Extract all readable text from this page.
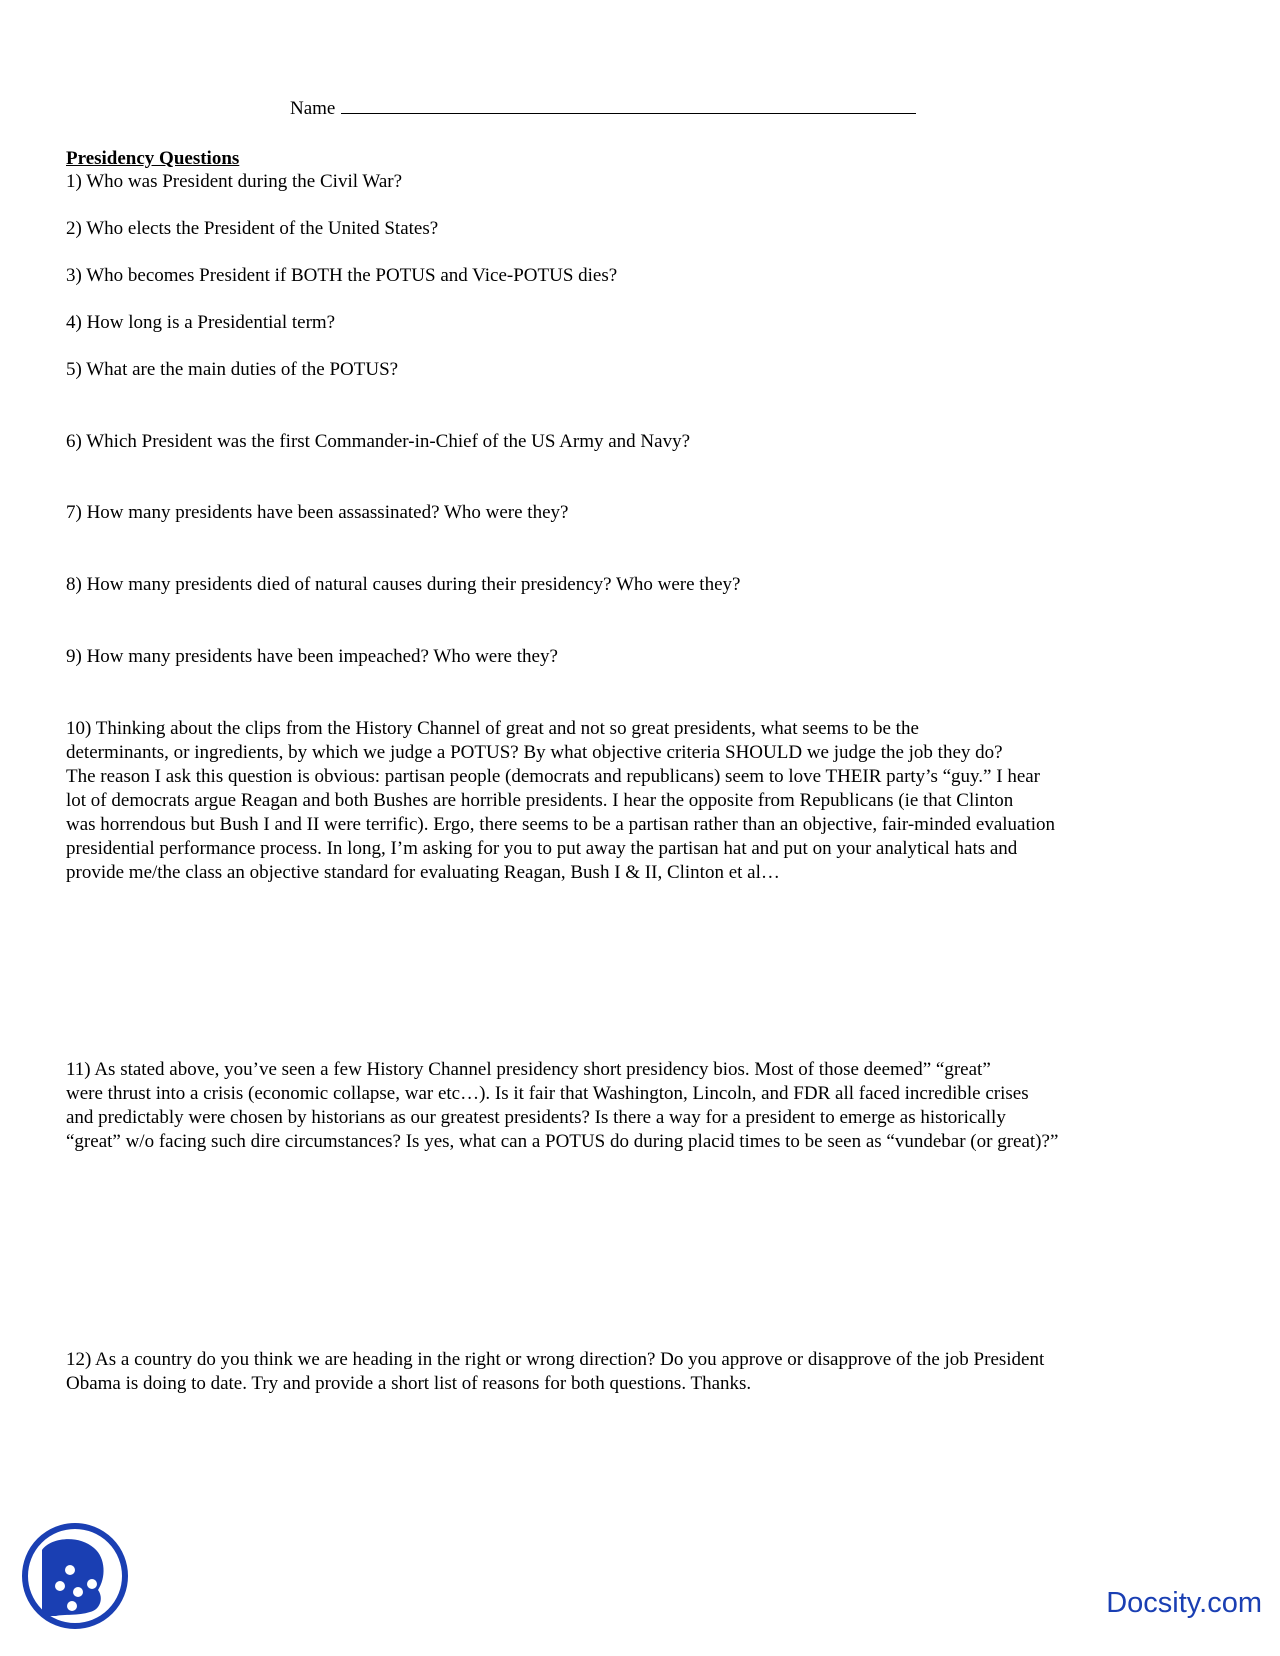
Name
Presidency Questions
1) Who was President during the Civil War?
2) Who elects the President of the United States?
3) Who becomes President if BOTH the POTUS and Vice-POTUS dies?
4) How long is a Presidential term?
5) What are the main duties of the POTUS?
6) Which President was the first Commander-in-Chief of the US Army and Navy?
7) How many presidents have been assassinated? Who were they?
8) How many presidents died of natural causes during their presidency? Who were they?
9) How many presidents have been impeached? Who were they?
10) Thinking about the clips from the History Channel of great and not so great presidents, what seems to be the
determinants, or ingredients, by which we judge a POTUS? By what objective criteria SHOULD we judge the job they do?
The reason I ask this question is obvious: partisan people (democrats and republicans) seem to love THEIR party’s “guy.” I hear
lot of democrats argue Reagan and both Bushes are horrible presidents. I hear the opposite from Republicans (ie that Clinton
was horrendous but Bush I and II were terrific). Ergo, there seems to be a partisan rather than an objective, fair-minded evaluation
presidential performance process. In long, I’m asking for you to put away the partisan hat and put on your analytical hats and
provide me/the class an objective standard for evaluating Reagan, Bush I & II, Clinton et al…
11) As stated above, you’ve seen a few History Channel presidency short presidency bios. Most of those deemed” “great”
were thrust into a crisis (economic collapse, war etc…). Is it fair that Washington, Lincoln, and FDR all faced incredible crises
and predictably were chosen by historians as our greatest presidents? Is there a way for a president to emerge as historically
“great” w/o facing such dire circumstances? Is yes, what can a POTUS do during placid times to be seen as “vundebar (or great)?”
12) As a country do you think we are heading in the right or wrong direction? Do you approve or disapprove of the job President
Obama is doing to date. Try and provide a short list of reasons for both questions. Thanks.
Docsity.com
